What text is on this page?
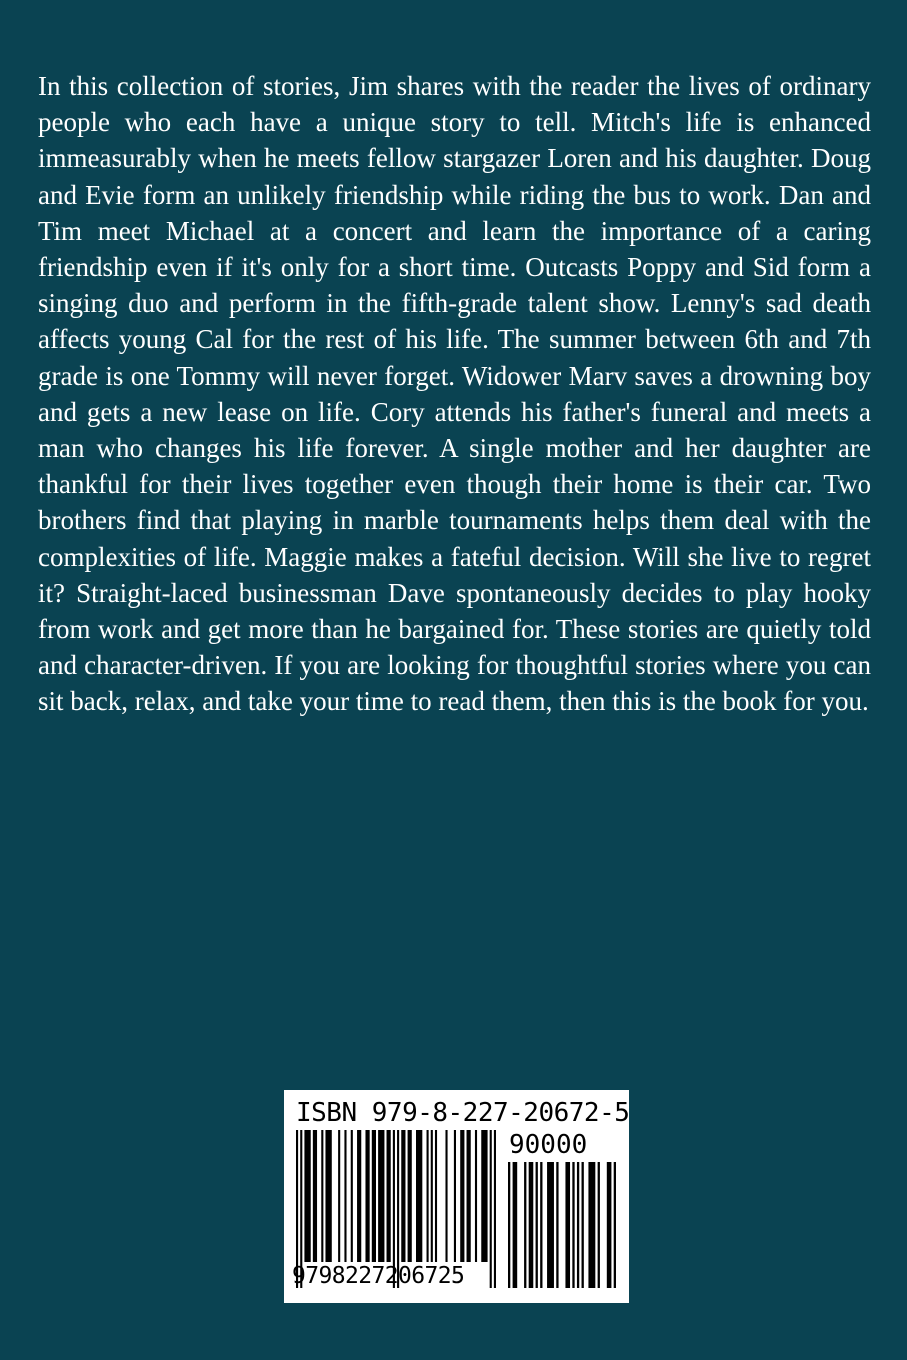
In this collection of stories, Jim shares with the reader the lives of ordinary people who each have a unique story to tell. Mitch's life is enhanced immeasurably when he meets fellow stargazer Loren and his daughter. Doug and Evie form an unlikely friendship while riding the bus to work. Dan and Tim meet Michael at a concert and learn the importance of a caring friendship even if it's only for a short time. Outcasts Poppy and Sid form a singing duo and perform in the fifth-grade talent show. Lenny's sad death affects young Cal for the rest of his life. The summer between 6th and 7th grade is one Tommy will never forget. Widower Marv saves a drowning boy and gets a new lease on life. Cory attends his father's funeral and meets a man who changes his life forever. A single mother and her daughter are thankful for their lives together even though their home is their car. Two brothers find that playing in marble tournaments helps them deal with the complexities of life. Maggie makes a fateful decision. Will she live to regret it? Straight-laced businessman Dave spontaneously decides to play hooky from work and get more than he bargained for. These stories are quietly told and character-driven. If you are looking for thoughtful stories where you can sit back, relax, and take your time to read them, then this is the book for you.

ISBN 979-8-227-20672-5
90000
9798227206725
